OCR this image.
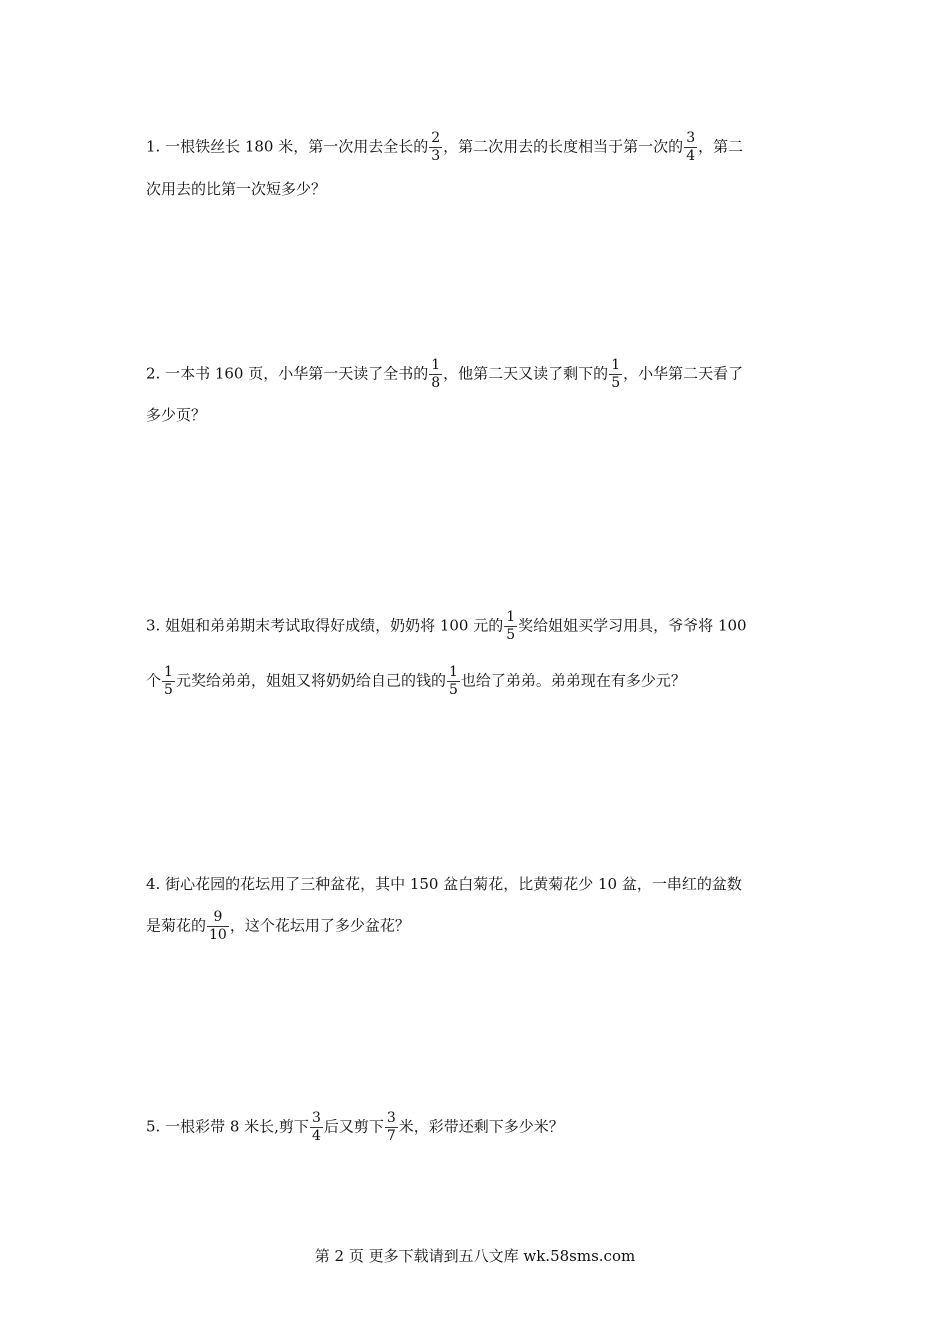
1. 一根铁丝长 180 米，第一次用去全长的 $\frac{2}{3}$ ，第二次用去的长度相当于第一次的 $\frac{3}{4}$ ，第二
次用去的比第一次短多少？
2. 一本书 160 页，小华第一天读了全书的 $\frac{1}{8}$ ，他第二天又读了剩下的 $\frac{1}{5}$ ，小华第二天看了
多少页？
3. 姐姐和弟弟期末考试取得好成绩，奶奶将 100 元的 $\frac{1}{5}$ 奖给姐姐买学习用具，爷爷将 100
个 $\frac{1}{5}$ 元奖给弟弟，姐姐又将奶奶给自己的钱的 $\frac{1}{5}$ 也给了弟弟。弟弟现在有多少元？
4. 街心花园的花坛用了三种盆花，其中 150 盆白菊花，比黄菊花少 10 盆，一串红的盆数
是菊花的 $\frac{9}{10}$ ，这个花坛用了多少盆花？
5. 一根彩带 8 米长,剪下 $\frac{3}{4}$ 后又剪下 $\frac{3}{7}$ 米，彩带还剩下多少米？
第 2 页 更多下载请到五八文库 wk.58sms.com
